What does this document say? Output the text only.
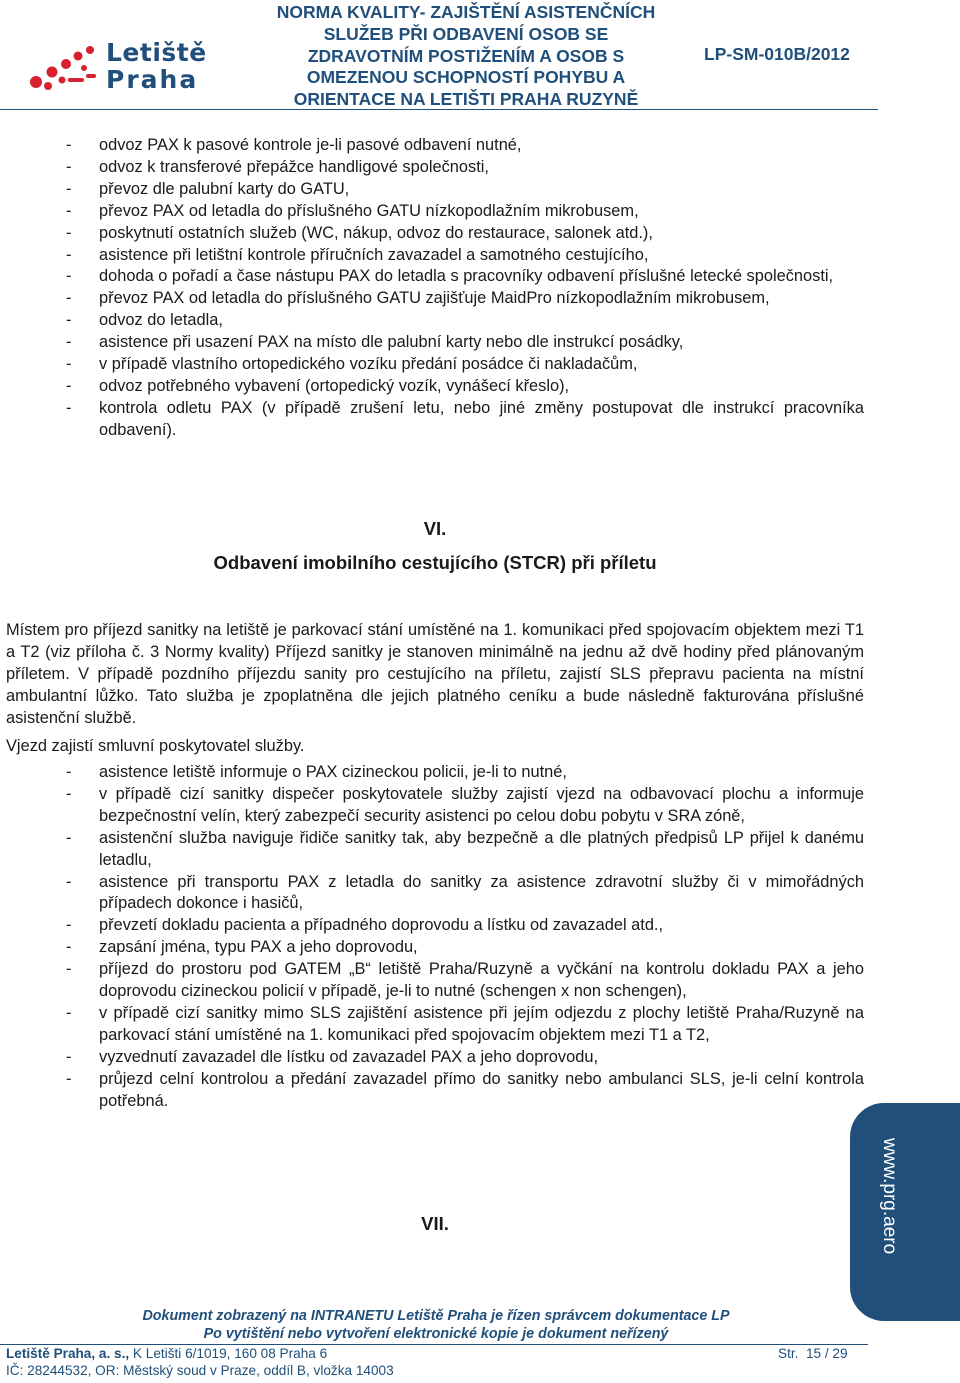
Letiště
Praha
NORMA KVALITY- ZAJIŠTĚNÍ ASISTENČNÍCH
SLUŽEB PŘI ODBAVENÍ OSOB SE
ZDRAVOTNÍM POSTIŽENÍM A OSOB S
OMEZENOU SCHOPNOSTÍ POHYBU A
ORIENTACE NA LETIŠTI PRAHA RUZYNĚ
LP-SM-010B/2012
- odvoz PAX k pasové kontrole je-li pasové odbavení nutné,
- odvoz k transferové přepážce handligové společnosti,
- převoz dle palubní karty do GATU,
- převoz PAX od letadla do příslušného GATU nízkopodlažním mikrobusem,
- poskytnutí ostatních služeb (WC, nákup, odvoz do restaurace, salonek atd.),
- asistence při letištní kontrole příručních zavazadel a samotného cestujícího,
- dohoda o pořadí a čase nástupu PAX do letadla s pracovníky odbavení příslušné letecké společnosti,
- převoz PAX od letadla do příslušného GATU zajišťuje MaidPro nízkopodlažním mikrobusem,
- odvoz do letadla,
- asistence při usazení PAX na místo dle palubní karty nebo dle instrukcí posádky,
- v případě vlastního ortopedického vozíku předání posádce či nakladačům,
- odvoz potřebného vybavení (ortopedický vozík, vynášecí křeslo),
- kontrola odletu PAX (v případě zrušení letu, nebo jiné změny postupovat dle instrukcí pracovníka odbavení).
VI.
Odbavení imobilního cestujícího (STCR) při příletu

Místem pro příjezd sanitky na letiště je parkovací stání umístěné na 1. komunikaci před spojovacím objektem mezi T1 a T2 (viz příloha č. 3 Normy kvality) Příjezd sanitky je stanoven minimálně na jednu až dvě hodiny před plánovaným příletem. V případě pozdního příjezdu sanity pro cestujícího na příletu, zajistí SLS přepravu pacienta na místní ambulantní lůžko. Tato služba je zpoplatněna dle jejich platného ceníku a bude následně fakturována příslušné asistenční službě.

Vjezd zajistí smluvní poskytovatel služby.

- asistence letiště informuje o PAX cizineckou policii, je-li to nutné,
- v případě cizí sanitky dispečer poskytovatele služby zajistí vjezd na odbavovací plochu a informuje bezpečnostní velín, který zabezpečí security asistenci po celou dobu pobytu v SRA zóně,
- asistenční služba naviguje řidiče sanitky tak, aby bezpečně a dle platných předpisů LP přijel k danému letadlu,
- asistence při transportu PAX z letadla do sanitky za asistence zdravotní služby či v mimořádných případech dokonce i hasičů,
- převzetí dokladu pacienta a případného doprovodu a lístku od zavazadel atd.,
- zapsání jména, typu PAX a jeho doprovodu,
- příjezd do prostoru pod GATEM „B“ letiště Praha/Ruzyně a vyčkání na kontrolu dokladu PAX a jeho doprovodu cizineckou policií v případě, je-li to nutné (schengen x non schengen),
- v případě cizí sanitky mimo SLS zajištění asistence při jejím odjezdu z plochy letiště Praha/Ruzyně na parkovací stání umístěné na 1. komunikaci před spojovacím objektem mezi T1 a T2,
- vyzvednutí zavazadel dle lístku od zavazadel PAX a jeho doprovodu,
- průjezd celní kontrolou a předání zavazadel přímo do sanitky nebo ambulanci SLS, je-li celní kontrola potřebná.
VII.	www.prg.aero
Dokument zobrazený na INTRANETU Letiště Praha je řízen správcem dokumentace LP
Po vytištění nebo vytvoření elektronické kopie je dokument neřízený
Letiště Praha, a. s., K Letišti 6/1019, 160 08 Praha 6
IČ: 28244532, OR: Městský soud v Praze, oddíl B, vložka 14003
Str. 15 / 29
